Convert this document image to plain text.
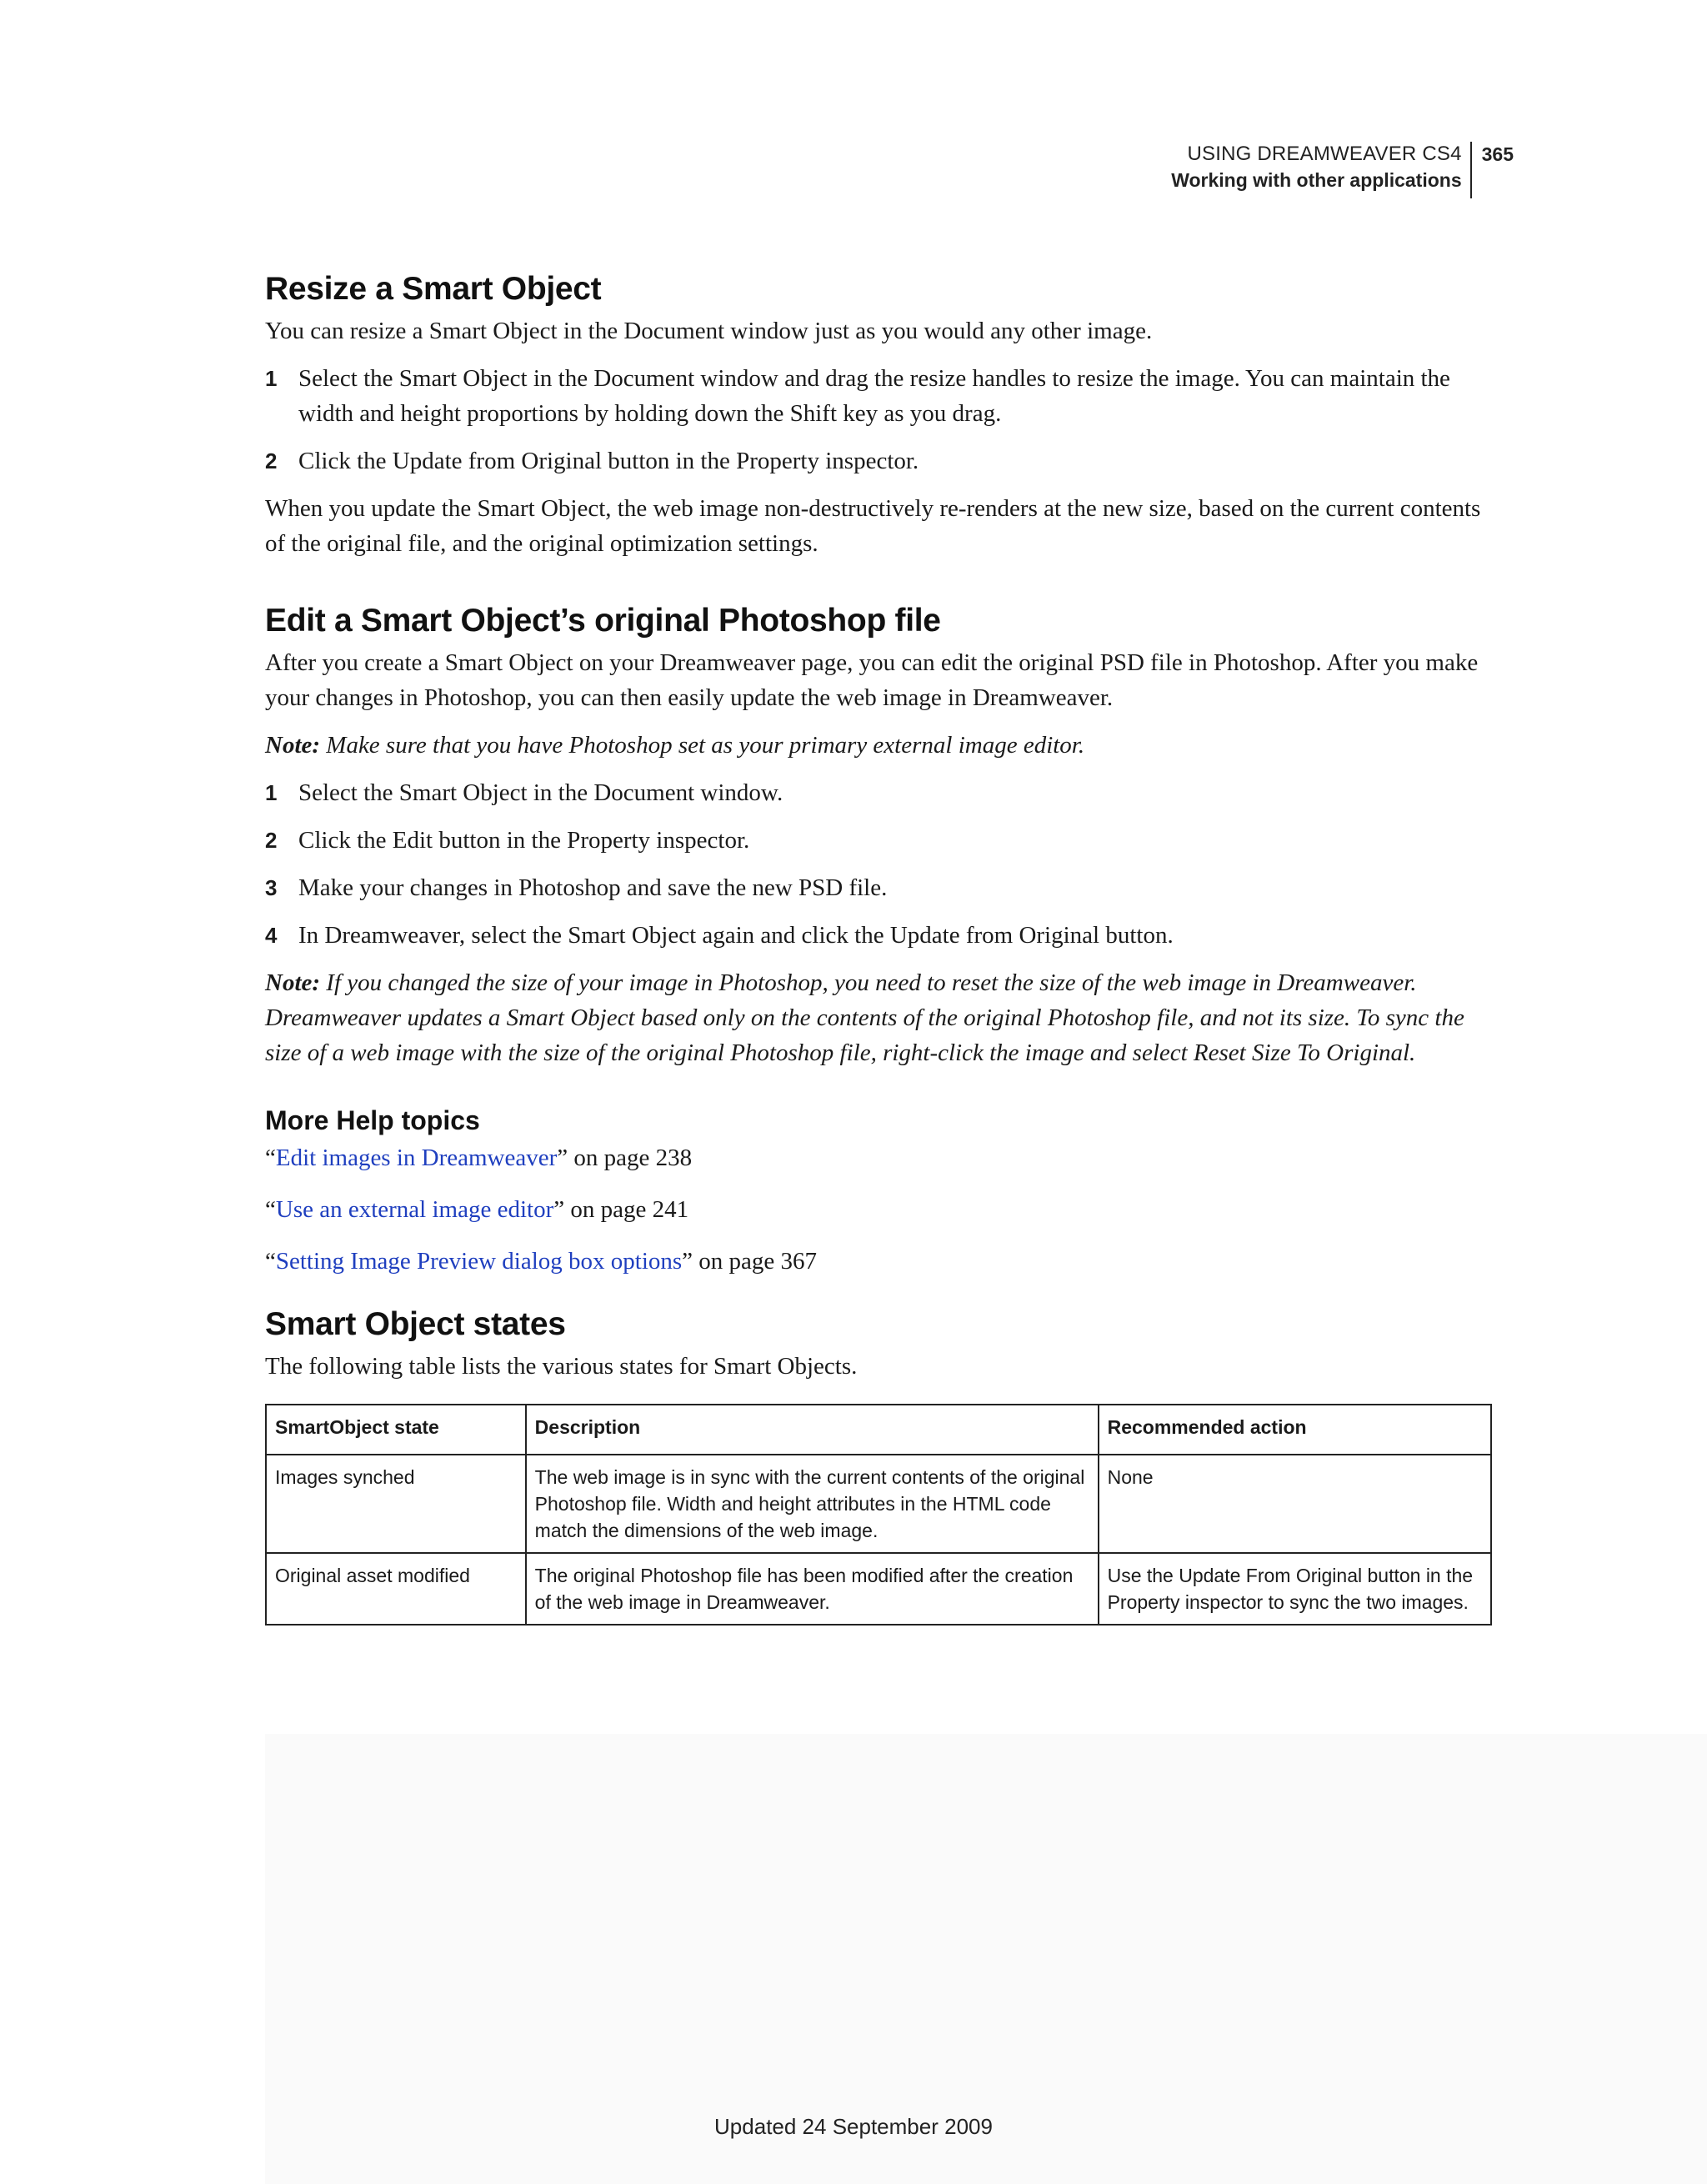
USING DREAMWEAVER CS4
Working with other applications
365
Resize a Smart Object

You can resize a Smart Object in the Document window just as you would any other image.

1 Select the Smart Object in the Document window and drag the resize handles to resize the image. You can maintain the width and height proportions by holding down the Shift key as you drag.
2 Click the Update from Original button in the Property inspector.

When you update the Smart Object, the web image non-destructively re-renders at the new size, based on the current contents of the original file, and the original optimization settings.

Edit a Smart Object’s original Photoshop file

After you create a Smart Object on your Dreamweaver page, you can edit the original PSD file in Photoshop. After you make your changes in Photoshop, you can then easily update the web image in Dreamweaver.

Note: Make sure that you have Photoshop set as your primary external image editor.

1 Select the Smart Object in the Document window.
2 Click the Edit button in the Property inspector.
3 Make your changes in Photoshop and save the new PSD file.
4 In Dreamweaver, select the Smart Object again and click the Update from Original button.

Note: If you changed the size of your image in Photoshop, you need to reset the size of the web image in Dreamweaver. Dreamweaver updates a Smart Object based only on the contents of the original Photoshop file, and not its size. To sync the size of a web image with the size of the original Photoshop file, right-click the image and select Reset Size To Original.

More Help topics
“Edit images in Dreamweaver” on page 238
“Use an external image editor” on page 241
“Setting Image Preview dialog box options” on page 367
Smart Object states

The following table lists the various states for Smart Objects.

SmartObject state	Description	Recommended action
Images synched	The web image is in sync with the current contents of the original Photoshop file. Width and height attributes in the HTML code match the dimensions of the web image.	None
Original asset modified	The original Photoshop file has been modified after the creation of the web image in Dreamweaver.	Use the Update From Original button in the Property inspector to sync the two images.
Updated 24 September 2009
